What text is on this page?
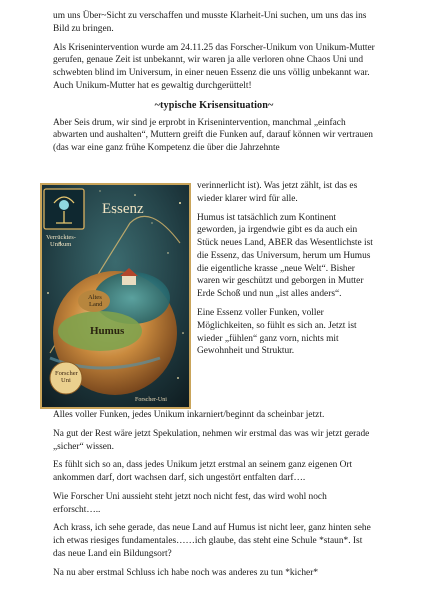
um uns Über~Sicht zu verschaffen und musste Klarheit-Uni suchen, um uns das ins Bild zu bringen.

Als Krisenintervention wurde am 24.11.25 das Forscher-Unikum von Unikum-Mutter gerufen, genaue Zeit ist unbekannt, wir waren ja alle verloren ohne Chaos Uni und schwebten blind im Universum, in einer neuen Essenz die uns völlig unbekannt war. Auch Unikum-Mutter hat es gewaltig durchgerüttelt!

~typische Krisensituation~

Aber Seis drum, wir sind je erprobt in Krisenintervention, manchmal „einfach abwarten und aushalten“, Muttern greift die Funken auf, darauf können wir vertrauen (das war eine ganz frühe Kompetenz die über die Jahrzehnte

Essenz
Verrücktes- Unikum
Altes Land
Humus
Forscher Uni
Forscher-Uni

verinnerlicht ist). Was jetzt zählt, ist das es wieder klarer wird für alle.

Humus ist tatsächlich zum Kontinent geworden, ja irgendwie gibt es da auch ein Stück neues Land, ABER das Wesentlichste ist die Essenz, das Universum, herum um Humus die eigentliche krasse „neue Welt“. Bisher waren wir geschützt und geborgen in Mutter Erde Schoß und nun „ist alles anders“.

Eine Essenz voller Funken, voller Möglichkeiten, so fühlt es sich an. Jetzt ist wieder „fühlen“ ganz vorn, nichts mit Gewohnheit und Struktur.

Alles voller Funken, jedes Unikum inkarniert/beginnt da scheinbar jetzt.

Na gut der Rest wäre jetzt Spekulation, nehmen wir erstmal das was wir jetzt gerade „sicher“ wissen.

Es fühlt sich so an, dass jedes Unikum jetzt erstmal an seinem ganz eigenen Ort ankommen darf, dort wachsen darf, sich ungestört entfalten darf….

Wie Forscher Uni aussieht steht jetzt noch nicht fest, das wird wohl noch erforscht…..

Ach krass, ich sehe gerade, das neue Land auf Humus ist nicht leer, ganz hinten sehe ich etwas riesiges fundamentales……ich glaube, das steht eine Schule *staun*. Ist das neue Land ein Bildungsort?

Na nu aber erstmal Schluss ich habe noch was anderes zu tun *kicher*
